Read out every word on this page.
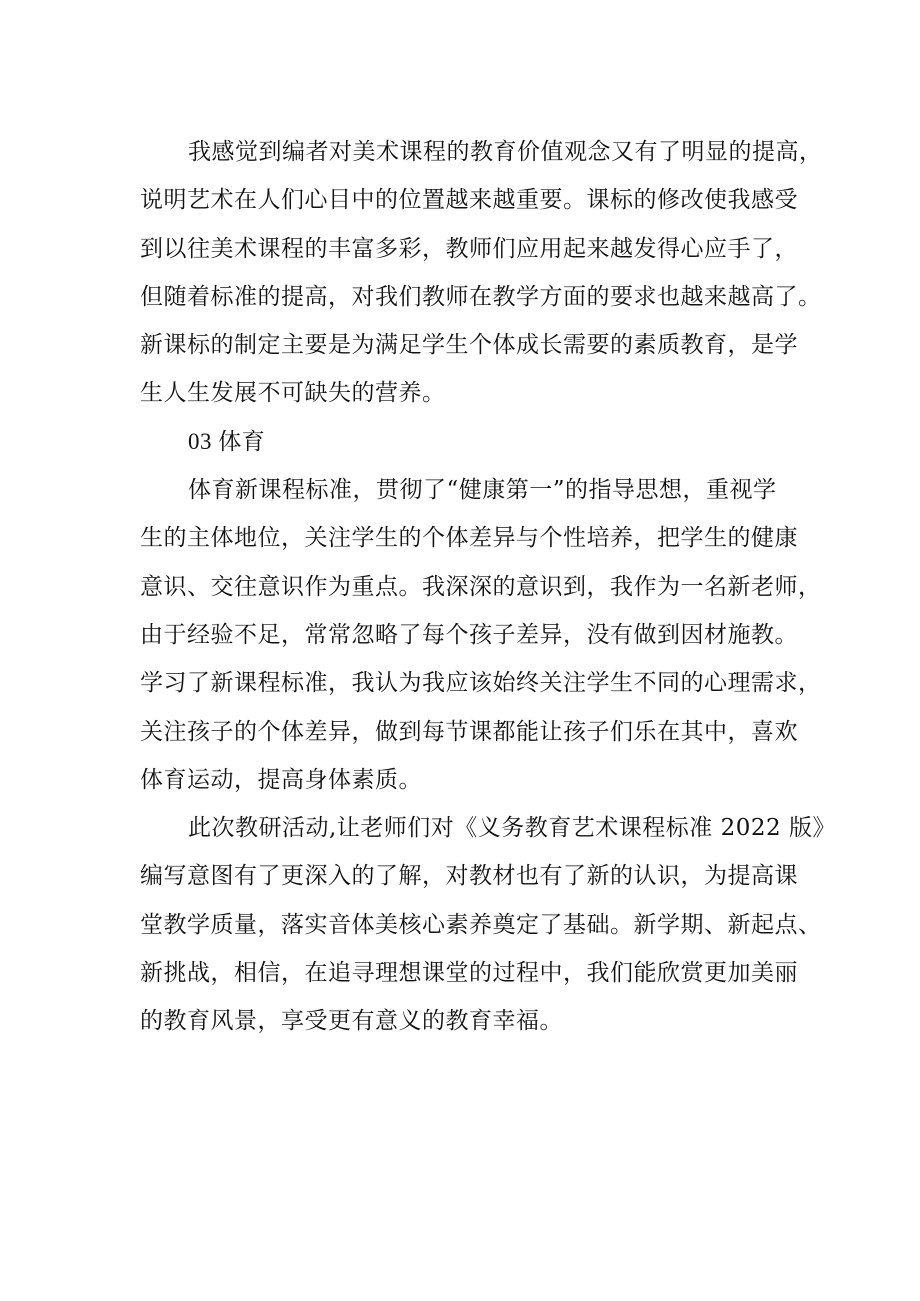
我感觉到编者对美术课程的教育价值观念又有了明显的提高，
说明艺术在人们心目中的位置越来越重要。课标的修改使我感受
到以往美术课程的丰富多彩，教师们应用起来越发得心应手了，
但随着标准的提高，对我们教师在教学方面的要求也越来越高了。
新课标的制定主要是为满足学生个体成长需要的素质教育，是学
生人生发展不可缺失的营养。
03 体育
体育新课程标准，贯彻了“健康第一”的指导思想，重视学
生的主体地位，关注学生的个体差异与个性培养，把学生的健康
意识、交往意识作为重点。我深深的意识到，我作为一名新老师，
由于经验不足，常常忽略了每个孩子差异，没有做到因材施教。
学习了新课程标准，我认为我应该始终关注学生不同的心理需求，
关注孩子的个体差异，做到每节课都能让孩子们乐在其中，喜欢
体育运动，提高身体素质。
此次教研活动,让老师们对《义务教育艺术课程标准 2022 版》
编写意图有了更深入的了解，对教材也有了新的认识，为提高课
堂教学质量，落实音体美核心素养奠定了基础。新学期、新起点、
新挑战，相信，在追寻理想课堂的过程中，我们能欣赏更加美丽
的教育风景，享受更有意义的教育幸福。
